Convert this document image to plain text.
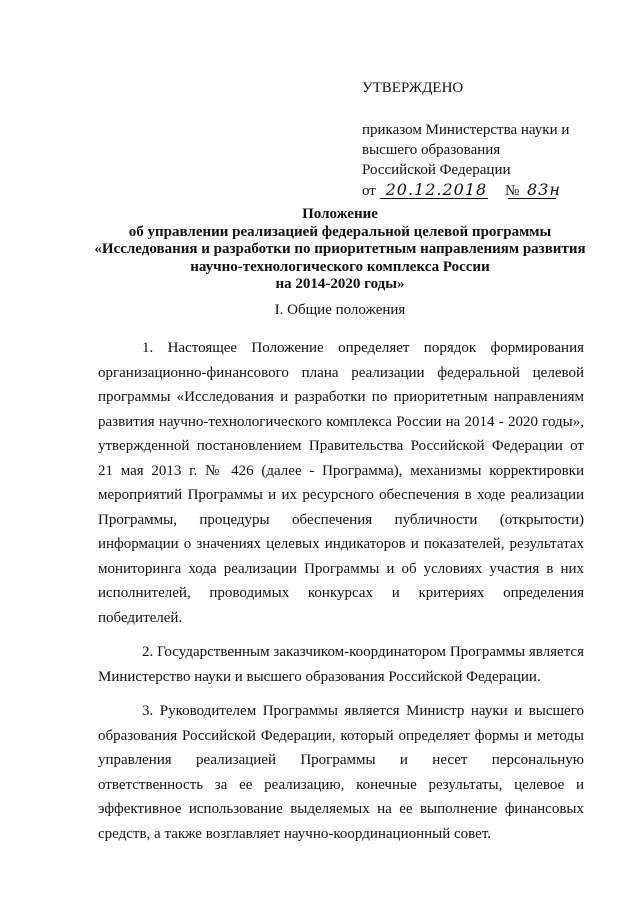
УТВЕРЖДЕНО
приказом Министерства науки и
высшего образования
Российской Федерации
от 20.12.2018 № 83н
Положение
об управлении реализацией федеральной целевой программы
«Исследования и разработки по приоритетным направлениям развития
научно-технологического комплекса России
на 2014-2020 годы»
I. Общие положения

1. Настоящее Положение определяет порядок формирования организационно-финансового плана реализации федеральной целевой программы «Исследования и разработки по приоритетным направлениям развития научно-технологического комплекса России на 2014 - 2020 годы», утвержденной постановлением Правительства Российской Федерации от 21 мая 2013 г. № 426 (далее - Программа), механизмы корректировки мероприятий Программы и их ресурсного обеспечения в ходе реализации Программы, процедуры обеспечения публичности (открытости) информации о значениях целевых индикаторов и показателей, результатах мониторинга хода реализации Программы и об условиях участия в них исполнителей, проводимых конкурсах и критериях определения победителей.

2. Государственным заказчиком-координатором Программы является Министерство науки и высшего образования Российской Федерации.

3. Руководителем Программы является Министр науки и высшего образования Российской Федерации, который определяет формы и методы управления реализацией Программы и несет персональную ответственность за ее реализацию, конечные результаты, целевое и эффективное использование выделяемых на ее выполнение финансовых средств, а также возглавляет научно-координационный совет.
